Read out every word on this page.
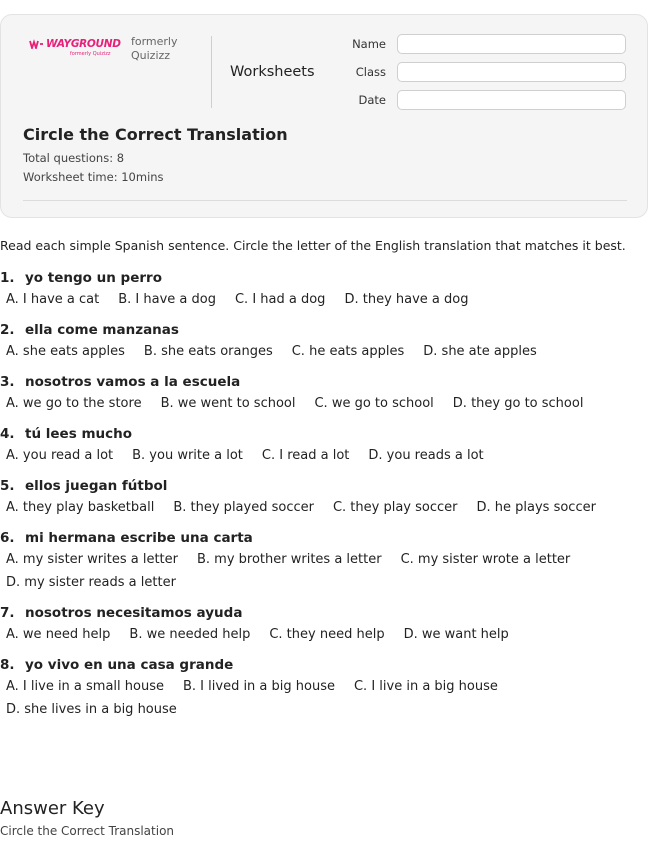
WAYGROUND
formerly Quizizz
formerly
Quizizz
Worksheets
Name
Class
Date
Circle the Correct Translation
Total questions: 8
Worksheet time: 10mins
Read each simple Spanish sentence. Circle the letter of the English translation that matches it best.
1. yo tengo un perro
A. I have a cat B. I have a dog C. I had a dog D. they have a dog
2. ella come manzanas
A. she eats apples B. she eats oranges C. he eats apples D. she ate apples
3. nosotros vamos a la escuela
A. we go to the store B. we went to school C. we go to school D. they go to school
4. tú lees mucho
A. you read a lot B. you write a lot C. I read a lot D. you reads a lot
5. ellos juegan fútbol
A. they play basketball B. they played soccer C. they play soccer D. he plays soccer
6. mi hermana escribe una carta
A. my sister writes a letter B. my brother writes a letter C. my sister wrote a letter
D. my sister reads a letter
7. nosotros necesitamos ayuda
A. we need help B. we needed help C. they need help D. we want help
8. yo vivo en una casa grande
A. I live in a small house B. I lived in a big house C. I live in a big house
D. she lives in a big house
Answer Key
Circle the Correct Translation
